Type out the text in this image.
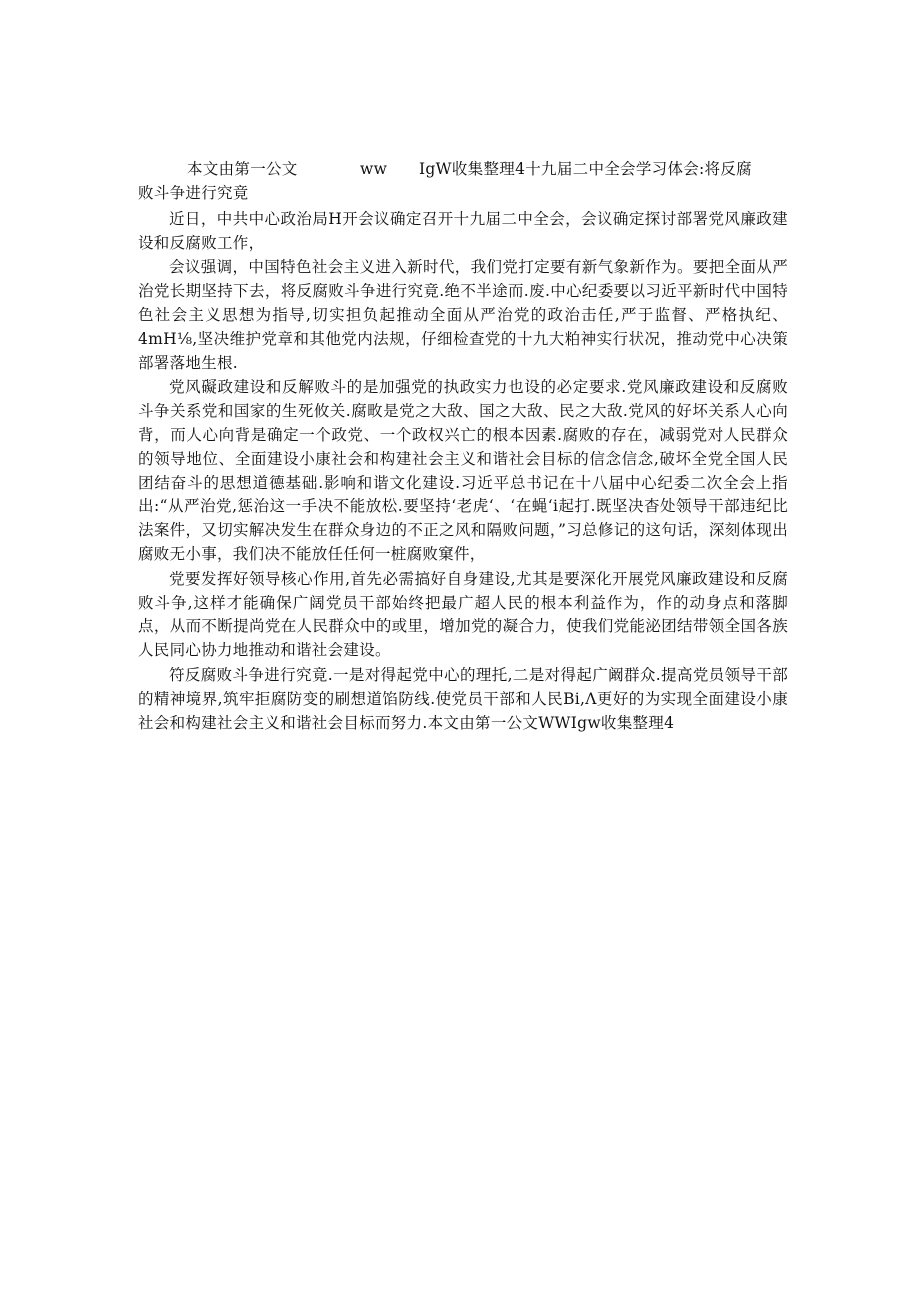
本文由第一公文	ww IgW收集整理4十九届二中全会学习体会:将反腐
败斗争进行究竟

近日，中共中心政治局H开会议确定召开十九届二中全会，会议确定探讨部署党风廉政建设和反腐败工作，

会议强调，中国特色社会主义进入新时代，我们党打定要有新气象新作为。要把全面从严治党长期坚持下去，将反腐败斗争进行究竟.绝不半途而.废.中心纪委要以习近平新时代中国特色社会主义思想为指导,切实担负起推动全面从严治党的政治击任,严于监督、严格执纪、4mH⅛,坚决维护党章和其他党内法规，仔细检查党的十九大粕神实行状况，推动党中心决策部署落地生根.

党风礙政建设和反解败斗的是加强党的执政实力也设的必定要求.党风廉政建设和反腐败斗争关系党和国家的生死攸关.腐畋是党之大敌、国之大敌、民之大敌.党风的好坏关系人心向背，而人心向背是确定一个政党、一个政权兴亡的根本因素.腐败的存在，减弱党对人民群众的领导地位、全面建设小康社会和构建社会主义和谐社会目标的信念信念,破坏全党全国人民团结奋斗的思想道德基础.影响和谐文化建设.习近平总书记在十八届中心纪委二次全会上指出:“从严治党,惩治这一手决不能放松.要坚持‘老虎‘、‘在蝇‘i起打.既坚决杳处领导干部违纪比法案件，又切实解决发生在群众身边的不正之风和隔败问题，”习总修记的这句话，深刻体现出腐败无小事，我们决不能放任任何一桩腐败窠件，

党要发挥好领导核心作用,首先必需搞好自身建设,尤其是要深化开展党风廉政建设和反腐败斗争,这样才能确保广阔党员干部始终把最广超人民的根本利益作为，作的动身点和落脚点，从而不断提尚党在人民群众中的或里，增加党的凝合力，使我们党能泌团结带领全国各族人民同心协力地推动和谐社会建设。

符反腐败斗争进行究竟.一是对得起党中心的理托,二是对得起广阚群众.提高党员领导干部的精神境界,筑牢拒腐防变的刷想道馅防线.使党员干部和人民Bi,Λ更好的为实现全面建设小康社会和构建社会主义和谐社会目标而努力.本文由第一公文WWIgw收集整理4
